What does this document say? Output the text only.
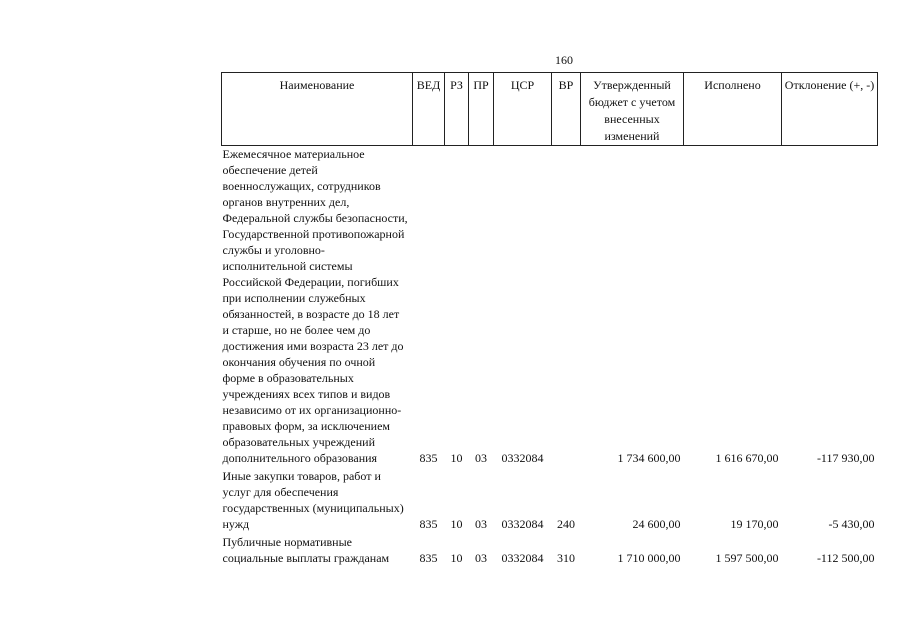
160
Наименование	ВЕД	РЗ	ПР	ЦСР	ВР	Утвержденный бюджет с учетом внесенных изменений	Исполнено	Отклонение (+, -)
Ежемесячное материальное обеспечение детей военнослужащих, сотрудников органов внутренних дел, Федеральной службы безопасности, Государственной противопожарной службы и уголовно-исполнительной системы Российской Федерации, погибших при исполнении служебных обязанностей, в возрасте до 18 лет и старше, но не более чем до достижения ими возраста 23 лет до окончания обучения по очной форме в образовательных учреждениях всех типов и видов независимо от их организационно-правовых форм, за исключением образовательных учреждений дополнительного образования	835	10	03	0332084		1 734 600,00	1 616 670,00	-117 930,00
Иные закупки товаров, работ и услуг для обеспечения государственных (муниципальных) нужд	835	10	03	0332084	240	24 600,00	19 170,00	-5 430,00
Публичные нормативные социальные выплаты гражданам	835	10	03	0332084	310	1 710 000,00	1 597 500,00	-112 500,00
